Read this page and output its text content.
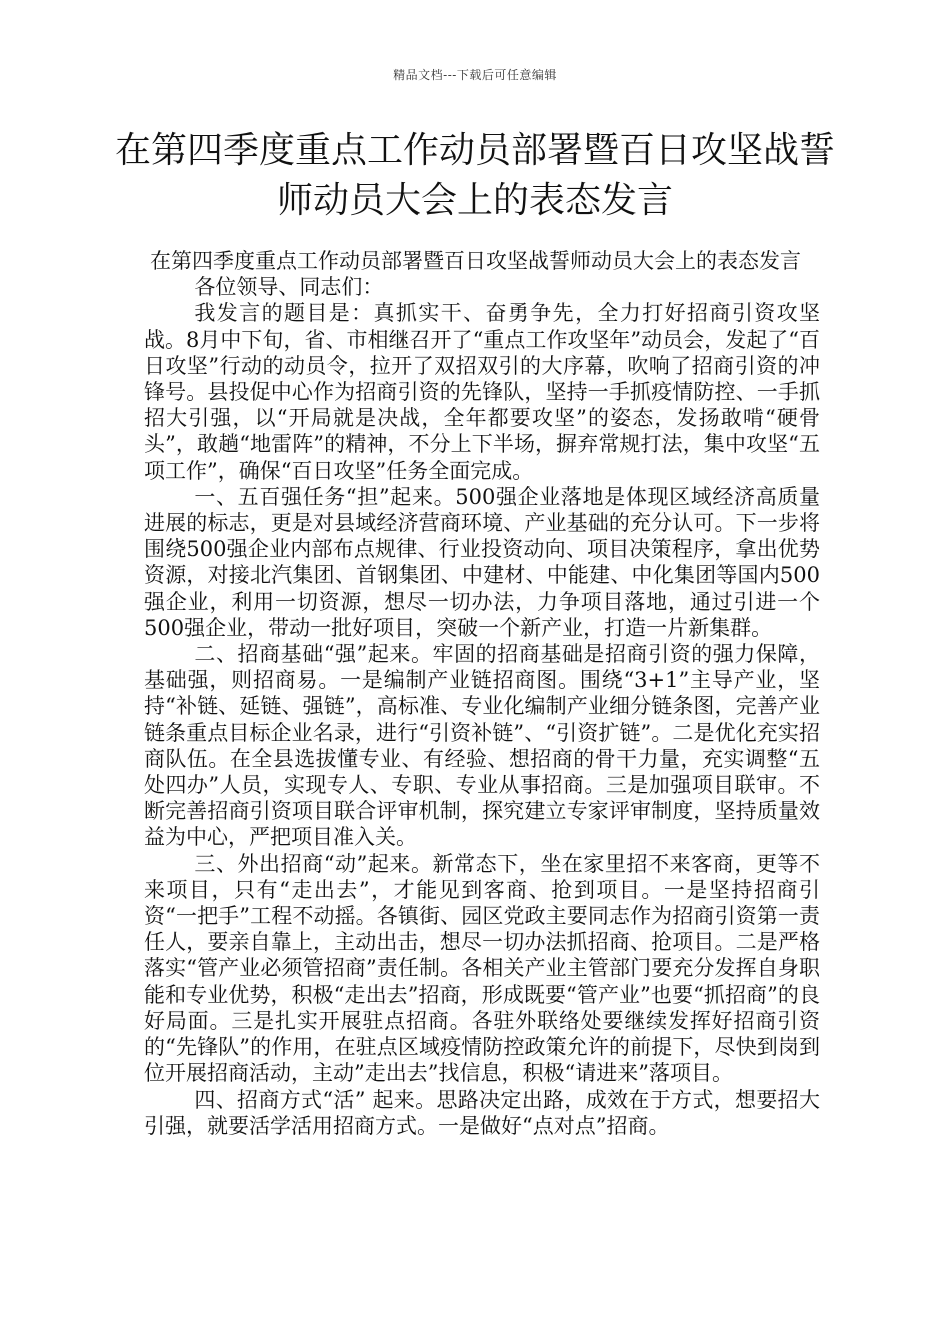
精品文档---下载后可任意编辑
在第四季度重点工作动员部署暨百日攻坚战誓师动员大会上的表态发言

在第四季度重点工作动员部署暨百日攻坚战誓师动员大会上的表态发言

各位领导、同志们：

我发言的题目是：真抓实干、奋勇争先，全力打好招商引资攻坚战。8月中下旬，省、市相继召开了“重点工作攻坚年”动员会，发起了“百日攻坚”行动的动员令，拉开了双招双引的大序幕，吹响了招商引资的冲锋号。县投促中心作为招商引资的先锋队，坚持一手抓疫情防控、一手抓招大引强，以“开局就是决战，全年都要攻坚”的姿态，发扬敢啃“硬骨头”，敢趟“地雷阵”的精神，不分上下半场，摒弃常规打法，集中攻坚“五项工作”，确保“百日攻坚”任务全面完成。

一、五百强任务“担”起来。500强企业落地是体现区域经济高质量进展的标志，更是对县域经济营商环境、产业基础的充分认可。下一步将围绕500强企业内部布点规律、行业投资动向、项目决策程序，拿出优势资源，对接北汽集团、首钢集团、中建材、中能建、中化集团等国内500强企业，利用一切资源，想尽一切办法，力争项目落地，通过引进一个500强企业，带动一批好项目，突破一个新产业，打造一片新集群。

二、招商基础“强”起来。牢固的招商基础是招商引资的强力保障，基础强，则招商易。一是编制产业链招商图。围绕“3+1”主导产业，坚持“补链、延链、强链”，高标准、专业化编制产业细分链条图，完善产业链条重点目标企业名录，进行“引资补链”、“引资扩链”。二是优化充实招商队伍。在全县选拔懂专业、有经验、想招商的骨干力量，充实调整“五处四办”人员，实现专人、专职、专业从事招商。三是加强项目联审。不断完善招商引资项目联合评审机制，探究建立专家评审制度，坚持质量效益为中心，严把项目准入关。

三、外出招商“动”起来。新常态下，坐在家里招不来客商，更等不来项目，只有“走出去”，才能见到客商、抢到项目。一是坚持招商引资“一把手”工程不动摇。各镇街、园区党政主要同志作为招商引资第一责任人，要亲自靠上，主动出击，想尽一切办法抓招商、抢项目。二是严格落实“管产业必须管招商”责任制。各相关产业主管部门要充分发挥自身职能和专业优势，积极“走出去”招商，形成既要“管产业”也要“抓招商”的良好局面。三是扎实开展驻点招商。各驻外联络处要继续发挥好招商引资的“先锋队”的作用，在驻点区域疫情防控政策允许的前提下，尽快到岗到位开展招商活动，主动”走出去”找信息，积极“请进来”落项目。

四、招商方式“活” 起来。思路决定出路，成效在于方式，想要招大引强，就要活学活用招商方式。一是做好“点对点”招商。
